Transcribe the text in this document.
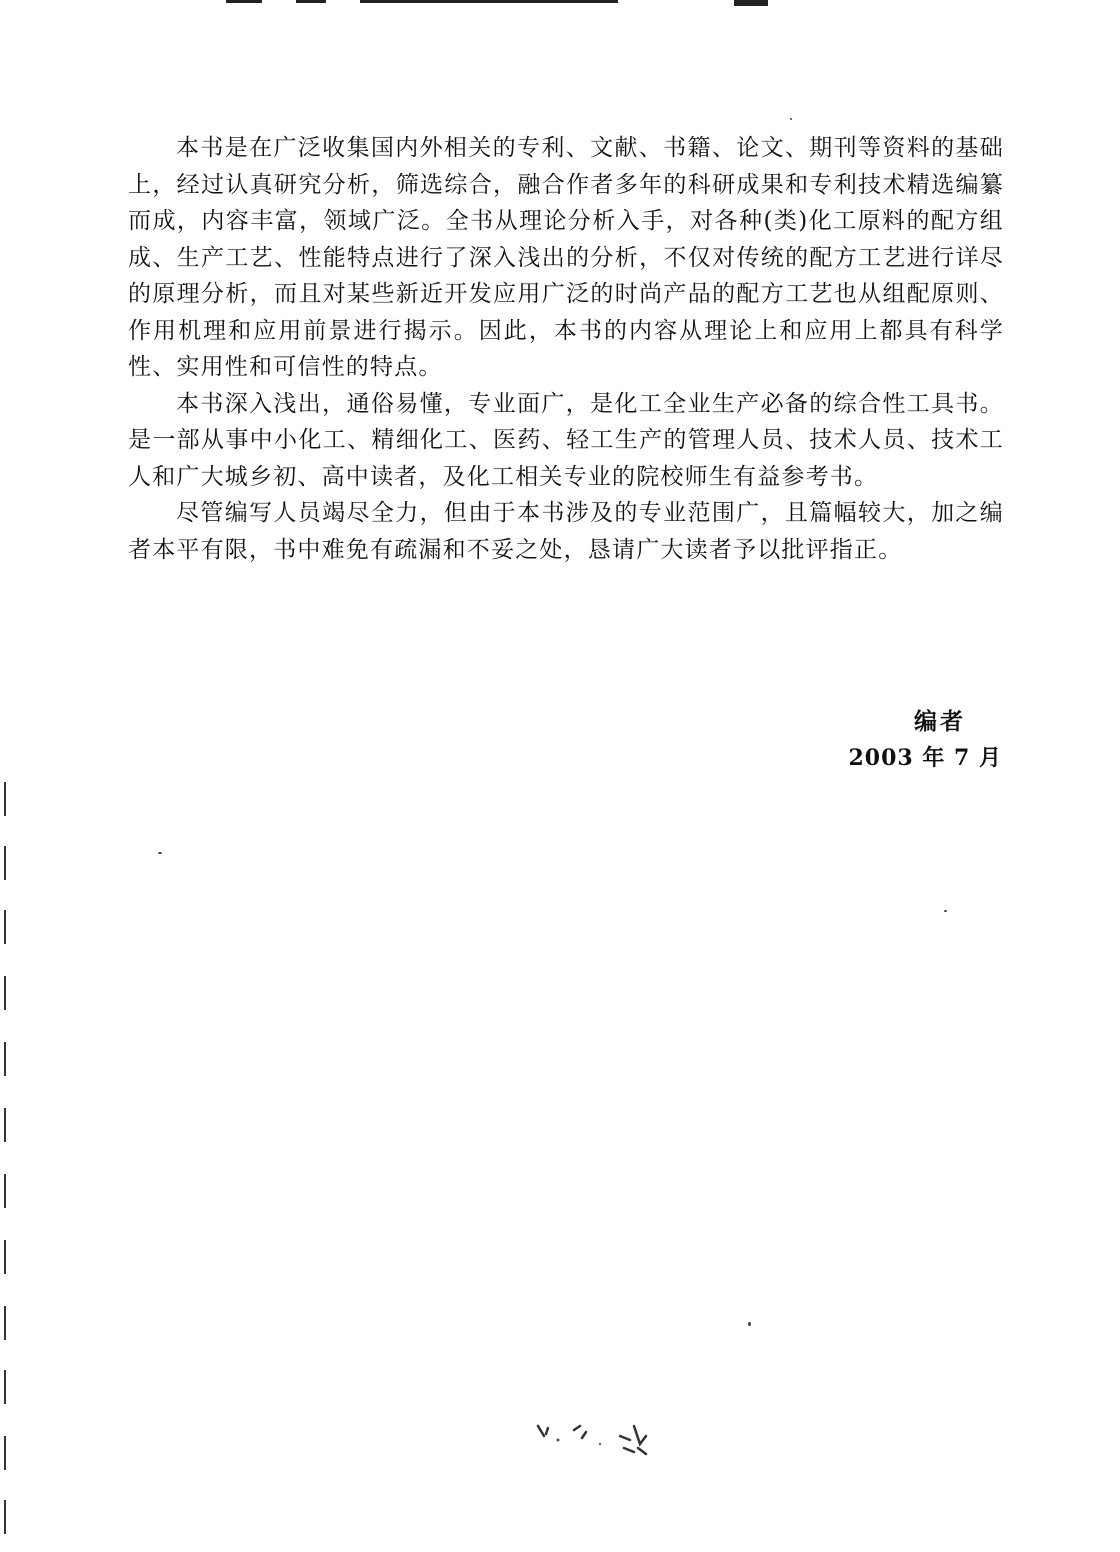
本书是在广泛收集国内外相关的专利、文献、书籍、论文、期刊等资料的基础上，经过认真研究分析，筛选综合，融合作者多年的科研成果和专利技术精选编纂而成，内容丰富，领域广泛。全书从理论分析入手，对各种(类)化工原料的配方组成、生产工艺、性能特点进行了深入浅出的分析，不仅对传统的配方工艺进行详尽的原理分析，而且对某些新近开发应用广泛的时尚产品的配方工艺也从组配原则、作用机理和应用前景进行揭示。因此，本书的内容从理论上和应用上都具有科学性、实用性和可信性的特点。

本书深入浅出，通俗易懂，专业面广，是化工全业生产必备的综合性工具书。是一部从事中小化工、精细化工、医药、轻工生产的管理人员、技术人员、技术工人和广大城乡初、高中读者，及化工相关专业的院校师生有益参考书。

尽管编写人员竭尽全力，但由于本书涉及的专业范围广，且篇幅较大，加之编者本平有限，书中难免有疏漏和不妥之处，恳请广大读者予以批评指正。

编者
2003 年 7 月
